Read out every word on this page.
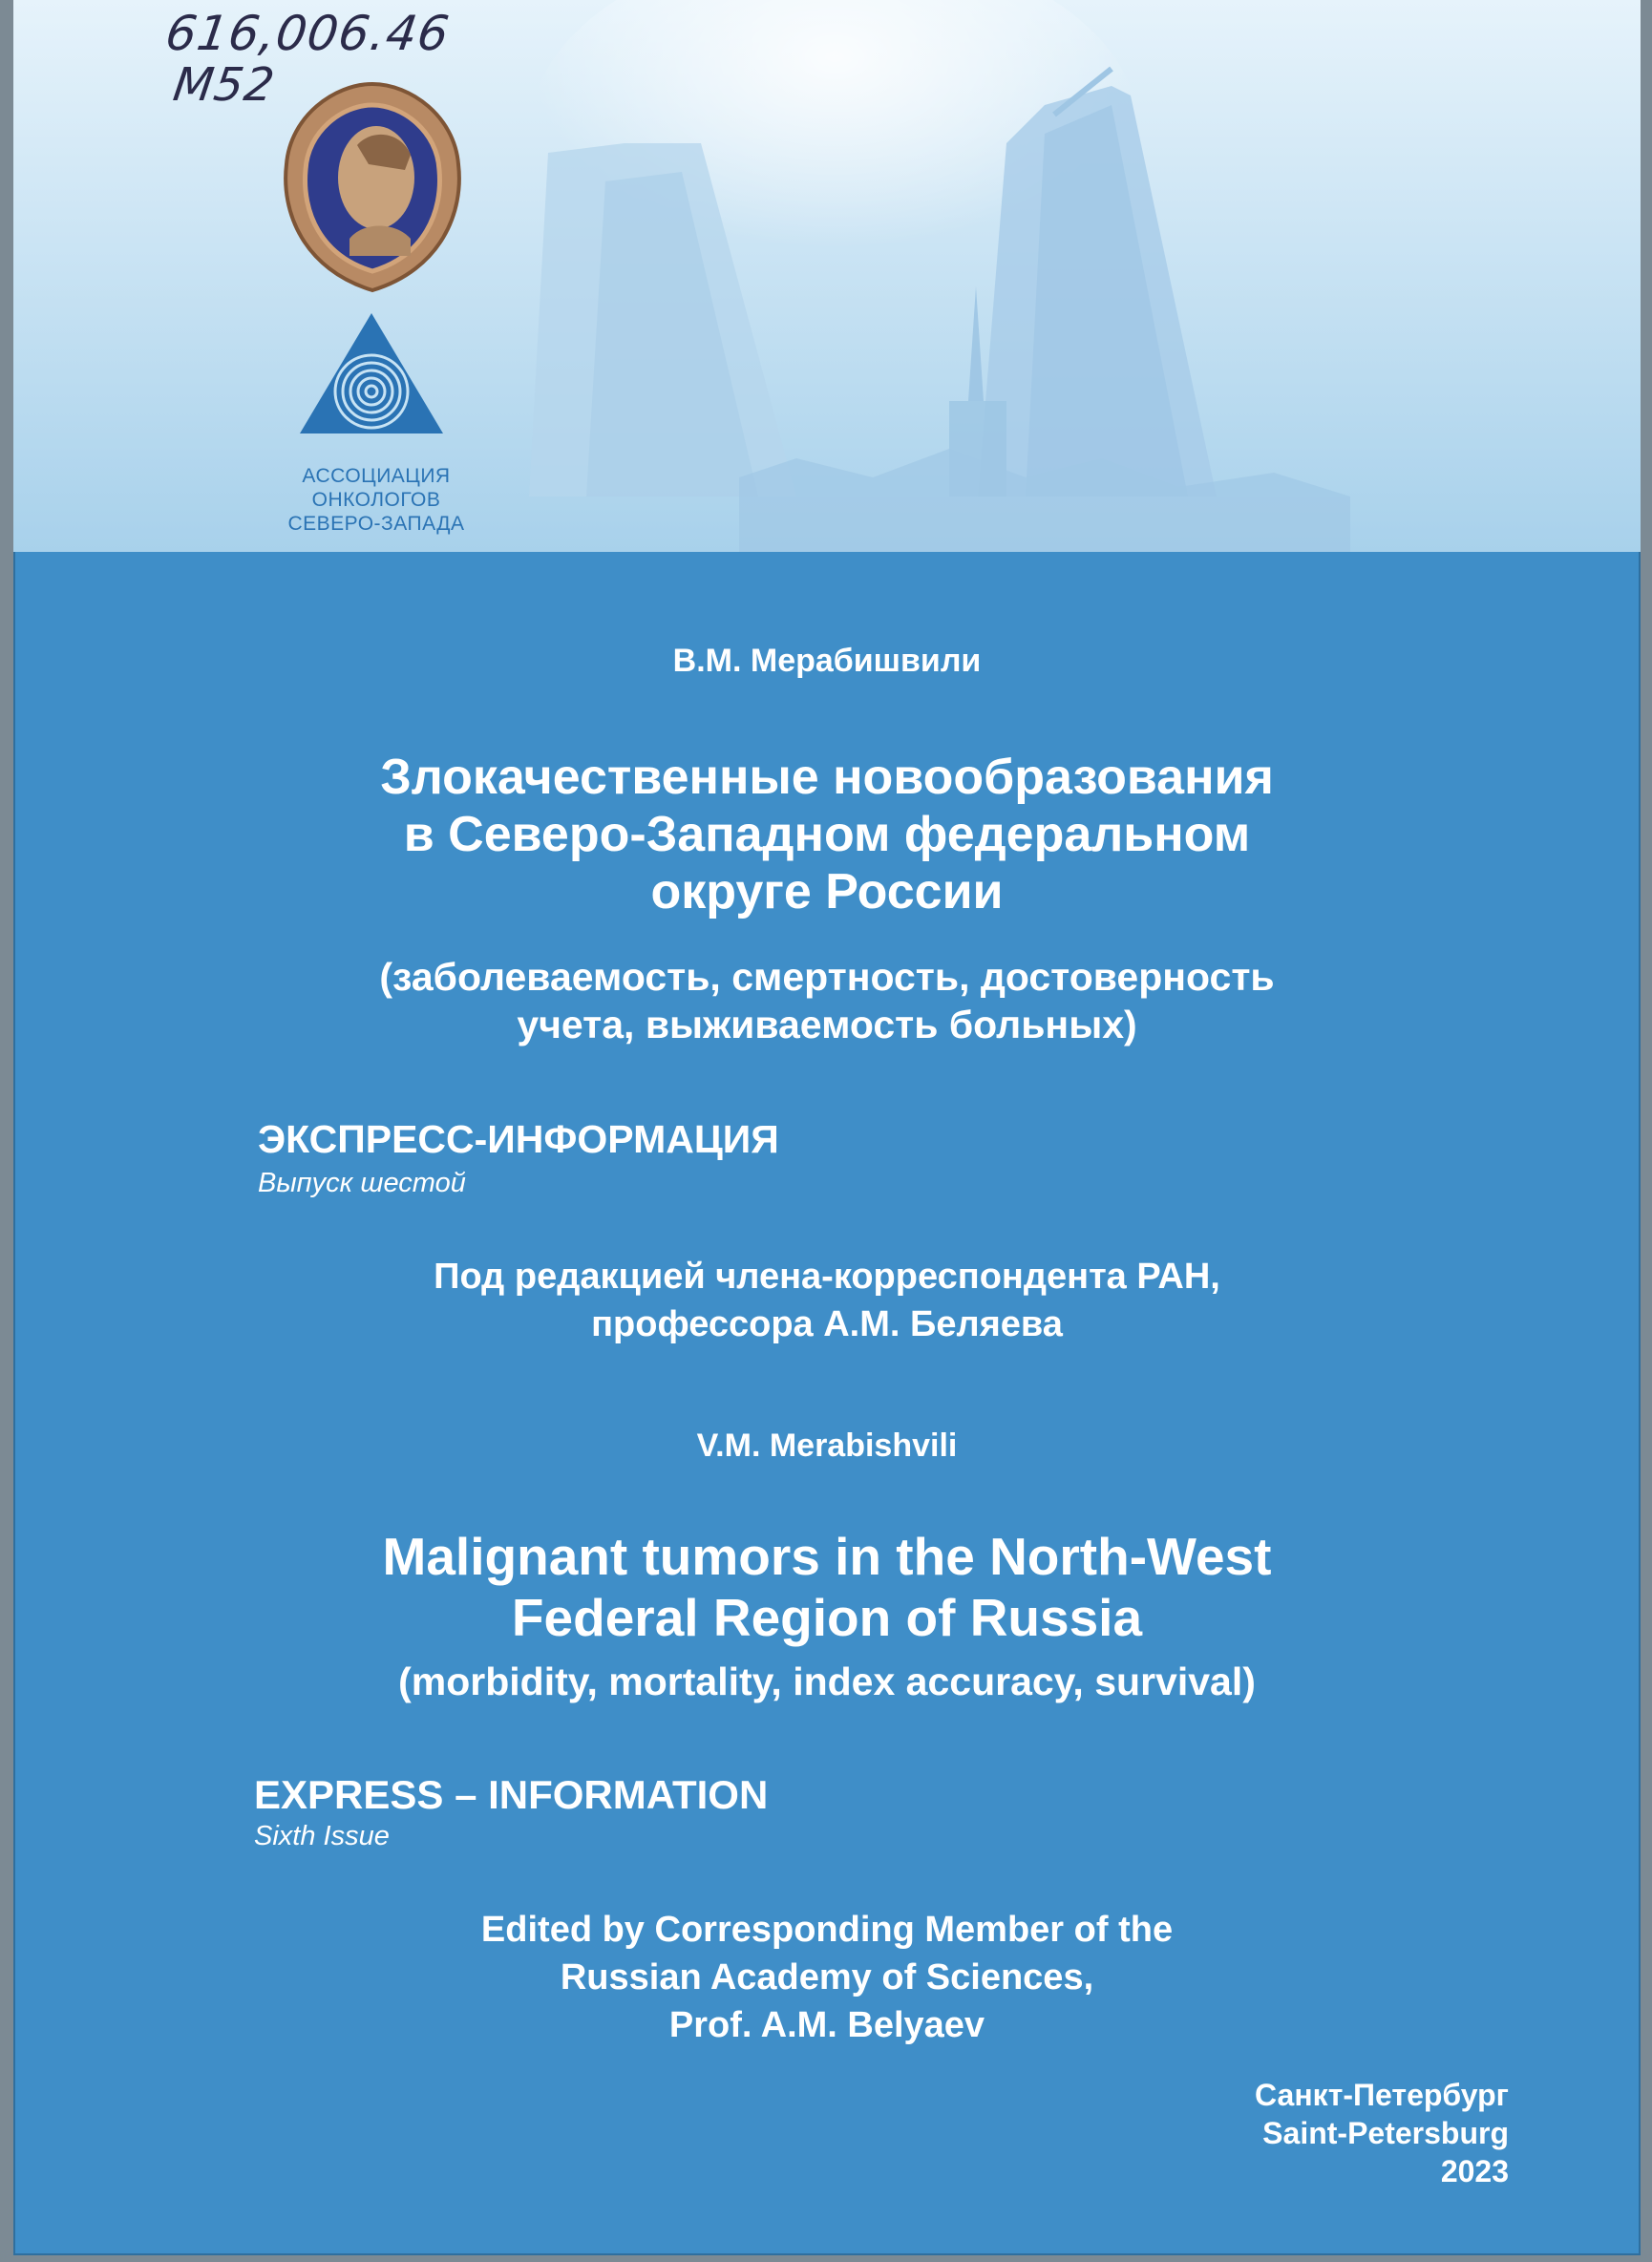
616,006.46
M52
АССОЦИАЦИЯ
ОНКОЛОГОВ
СЕВЕРО-ЗАПАДА

В.М. Мерабишвили

Злокачественные новообразования
в Северо-Западном федеральном
округе России
(заболеваемость, смертность, достоверность
учета, выживаемость больных)

ЭКСПРЕСС-ИНФОРМАЦИЯ

Выпуск шестой

Под редакцией члена-корреспондента РАН,
профессора А.М. Беляева

V.M. Merabishvili

Malignant tumors in the North-West
Federal Region of Russia
(morbidity, mortality, index accuracy, survival)

EXPRESS – INFORMATION

Sixth Issue

Edited by Corresponding Member of the
Russian Academy of Sciences,
Prof. A.M. Belyaev
Санкт-Петербург
Saint-Petersburg
2023
